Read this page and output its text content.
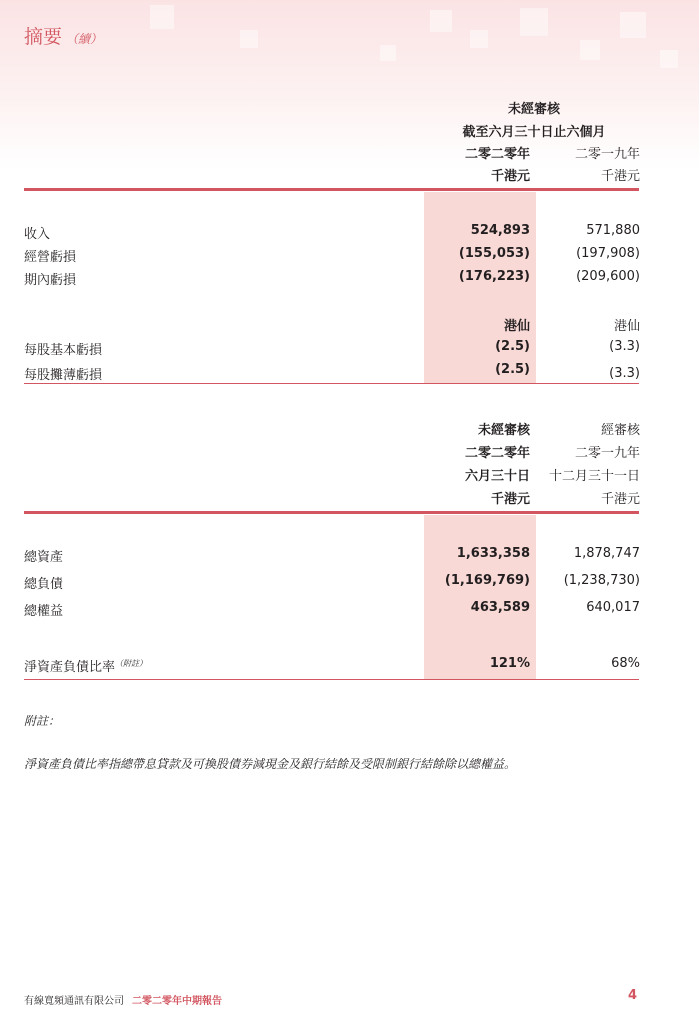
摘要 （續）
未經審核
截至六月三十日止六個月
二零二零年	二零一九年
千港元	千港元
收入	524,893	571,880
經營虧損	(155,053)	(197,908)
期內虧損	(176,223)	(209,600)
港仙	港仙
每股基本虧損	(2.5)	(3.3)
每股攤薄虧損	(2.5)	(3.3)
未經審核	經審核
二零二零年	二零一九年
六月三十日	十二月三十一日
千港元	千港元
總資產	1,633,358	1,878,747
總負債	(1,169,769)	(1,238,730)
總權益	463,589	640,017
淨資產負債比率$^{(附註)}$	121%	68%
附註：
淨資產負債比率指總帶息貸款及可換股債券減現金及銀行結餘及受限制銀行結餘除以總權益。
有線寬頻通訊有限公司 二零二零年中期報告	4
